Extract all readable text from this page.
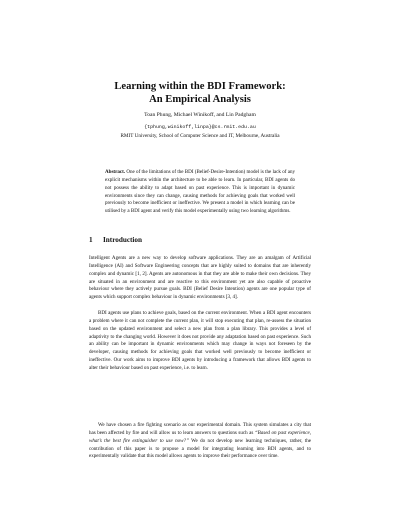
Learning within the BDI Framework:
An Empirical Analysis
Toan Phung, Michael Winikoff, and Lin Padgham
{tphung,winikoff,linpa}@cs.rmit.edu.au
RMIT University, School of Computer Science and IT, Melbourne, Australia
Abstract. One of the limitations of the BDI (Belief-Desire-Intention) model is the lack of any explicit mechanisms within the architecture to be able to learn. In particular, BDI agents do not possess the ability to adapt based on past experience. This is important in dynamic environments since they can change, causing methods for achieving goals that worked well previously to become inefficient or ineffective. We present a model in which learning can be utilised by a BDI agent and verify this model experimentally using two learning algorithms.
1 Introduction

Intelligent Agents are a new way to develop software applications. They are an amalgam of Artificial Intelligence (AI) and Software Engineering concepts that are highly suited to domains that are inherently complex and dynamic [1, 2]. Agents are autonomous in that they are able to make their own decisions. They are situated in an environment and are reactive to this environment yet are also capable of proactive behaviour where they actively pursue goals. BDI (Belief Desire Intention) agents are one popular type of agents which support complex behaviour in dynamic environments [3, 4].

BDI agents use plans to achieve goals, based on the current environment. When a BDI agent encounters a problem where it can not complete the current plan, it will stop executing that plan, re-assess the situation based on the updated environment and select a new plan from a plan library. This provides a level of adaptivity to the changing world. However it does not provide any adaptation based on past experience. Such an ability can be important in dynamic environments which may change in ways not foreseen by the developer, causing methods for achieving goals that worked well previously to become inefficient or ineffective. Our work aims to improve BDI agents by introducing a framework that allows BDI agents to alter their behaviour based on past experience, i.e. to learn.

We have chosen a fire fighting scenario as our experimental domain. This system simulates a city that has been affected by fire and will allow us to learn answers to questions such as “Based on past experience, what’s the best fire extinguisher to use now?” We do not develop new learning techniques, rather, the contribution of this paper is to propose a model for integrating learning into BDI agents, and to experimentally validate that this model allows agents to improve their performance over time.
